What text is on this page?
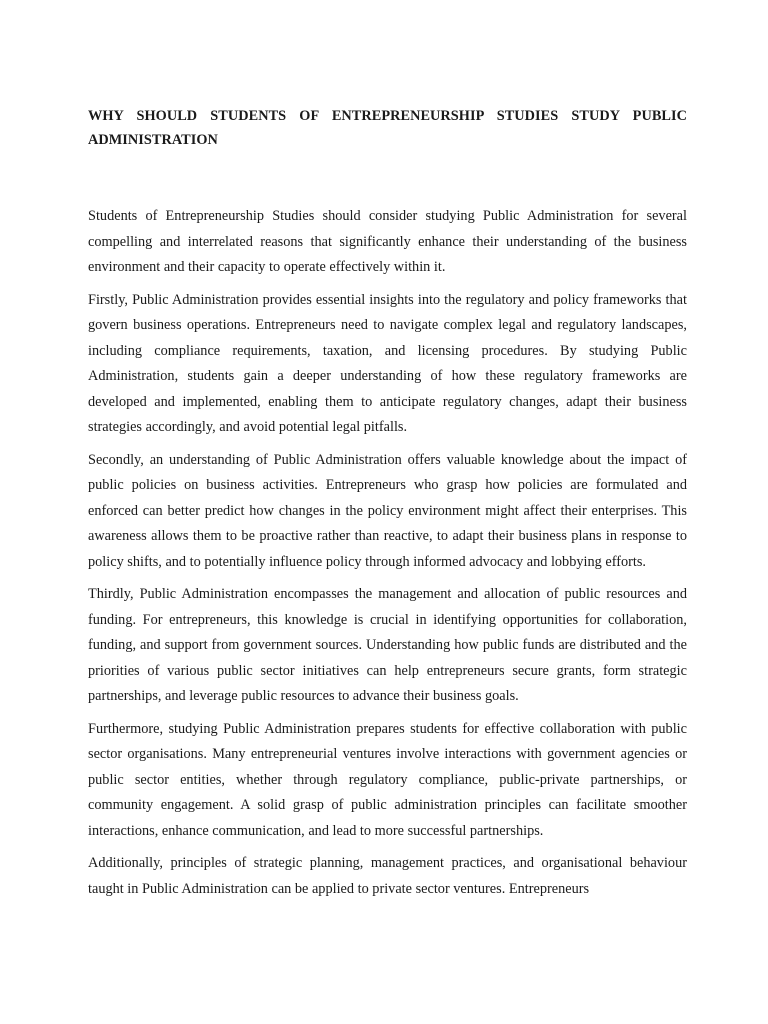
WHY SHOULD STUDENTS OF ENTREPRENEURSHIP STUDIES STUDY PUBLIC ADMINISTRATION

Students of Entrepreneurship Studies should consider studying Public Administration for several compelling and interrelated reasons that significantly enhance their understanding of the business environment and their capacity to operate effectively within it.

Firstly, Public Administration provides essential insights into the regulatory and policy frameworks that govern business operations. Entrepreneurs need to navigate complex legal and regulatory landscapes, including compliance requirements, taxation, and licensing procedures. By studying Public Administration, students gain a deeper understanding of how these regulatory frameworks are developed and implemented, enabling them to anticipate regulatory changes, adapt their business strategies accordingly, and avoid potential legal pitfalls.

Secondly, an understanding of Public Administration offers valuable knowledge about the impact of public policies on business activities. Entrepreneurs who grasp how policies are formulated and enforced can better predict how changes in the policy environment might affect their enterprises. This awareness allows them to be proactive rather than reactive, to adapt their business plans in response to policy shifts, and to potentially influence policy through informed advocacy and lobbying efforts.

Thirdly, Public Administration encompasses the management and allocation of public resources and funding. For entrepreneurs, this knowledge is crucial in identifying opportunities for collaboration, funding, and support from government sources. Understanding how public funds are distributed and the priorities of various public sector initiatives can help entrepreneurs secure grants, form strategic partnerships, and leverage public resources to advance their business goals.

Furthermore, studying Public Administration prepares students for effective collaboration with public sector organisations. Many entrepreneurial ventures involve interactions with government agencies or public sector entities, whether through regulatory compliance, public-private partnerships, or community engagement. A solid grasp of public administration principles can facilitate smoother interactions, enhance communication, and lead to more successful partnerships.

Additionally, principles of strategic planning, management practices, and organisational behaviour taught in Public Administration can be applied to private sector ventures. Entrepreneurs
